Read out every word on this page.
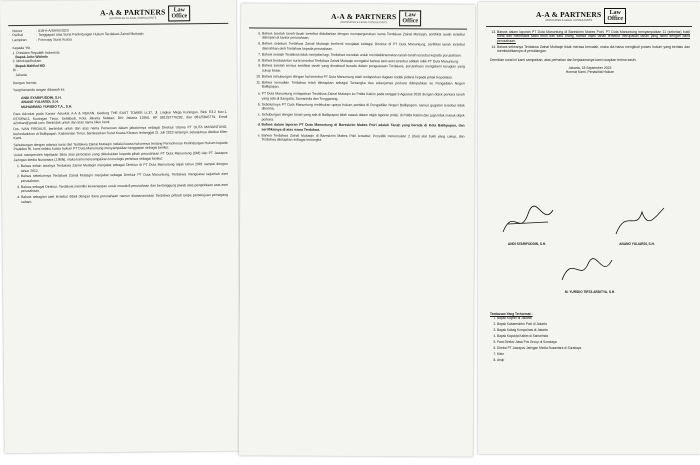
A-A & PARTNERS
ADVOCATES & LEGAL CONSULTANTS
Law
Office
Nomor	: 018-A-A/SA/IX/2023
Perihal	: Tanggapan atas Surat Perlindungan Hukum Terdakwa Zainal Muttaqin
Lampiran	: Fotocopy Surat Kuasa
Kepada Yth.
1. Presiden Republik Indonesia
Bapak Joko Widodo
2. Menkopolhukam
Bapak Mahfud MD
Di -
Jakarta
Dengan hormat,
Yang bertanda tangan dibawah ini:
ANDI SYARIFUDDIN, S.H.
ANANG YULIARDI, S.H.
MUHAMMAD YURIDIO T.A., S.H.

Para Advokat pada Kantor Advokat A-A & REKAN, Gedung THE EAST TOWER Lt.37, Jl. Lingkar Mega Kuningan, Blok E3.2 Kav.1, RT.5/RW.2, Kuningan Timur, Setiabudi, Kota Jakarta Selatan, DKI Jakarta 12950, HP 081297776202, dan 08125845779, Email a2rekan@gmail.com. Bertindak untuk dan atas nama klien kami:

Drs. IVAN FIRDAUS, bertindak untuk dan atas nama Perseroan dalam jabatannya sebagai Direktur Utama PT DUTA MANUNTUNG, berkedudukan di Balikpapan, Kalimantan Timur, berdasarkan Surat Kuasa Khusus tertanggal 21 Juli 2023 terlampir, selanjutnya disebut Klien Kami.

Sehubungan dengan adanya surat dari Terdakwa Zainal Muttaqin melalui kuasa hukumnya tentang Permohonan Perlindungan Hukum kepada Presiden RI, kami selaku kuasa hukum PT Duta Manuntung menyampaikan tanggapan sebagai berikut:

Untuk memperoleh kejelasan fakta atas persoalan yang didudukkan kepada pihak perusahaan PT Duta Manuntung (DM) dan PT Jawapos Jaringan Media Nusantara (JJMN), maka kami menyampaikan kronologis peristiwa sebagai berikut:

1. Bahwa selain awalnya Terdakwa Zainal Muttaqin menjabat sebagai Direktur di PT Duta Manuntung sejak tahun 2001 sampai dengan tahun 2012.
2. Bahwa sebelumnya Terdakwa Zainal Muttaqin menjabat sebagai Direktur PT Duta Manuntung, Terdakwa menguasai sejumlah aset perusahaan.
3. Bahwa sebagai Direktur, Terdakwa memiliki kewenangan untuk mewakili perusahaan dan bertanggung jawab atas pengelolaan aset-aset perusahaan.
4. Bahwa sebagian aset tersebut dibeli dengan dana perusahaan namun diatasnamakan Terdakwa pribadi tanpa persetujuan pemegang saham.
A-A & PARTNERS
ADVOCATES & LEGAL CONSULTANTS
Law
Office
5. Bahwa setelah tanah-tanah tersebut didaftarkan dengan mempergunakan nama Terdakwa Zainal Muttaqin, sertifikat tanah tersebut disimpan di kantor perusahaan.
6. Bahwa sebelum Terdakwa Zainal Muttaqin berhenti menjabat sebagai Direktur di PT Duta Manuntung, sertifikat tanah tersebut diserahkan oleh Terdakwa kepada perusahaan.
7. Bahwa setelah Terdakwa tidak menjabat lagi, Terdakwa menolak untuk membaliknamakan tanah-tanah tersebut kepada perusahaan.
8. Bahwa berdasarkan surat tersebut Terdakwa Zainal Muttaqin mengakui bahwa aset-aset tersebut adalah milik PT Duta Manuntung.
9. Bahwa setelah semua sertifikat tanah yang dimaksud berada dalam penguasaan Terdakwa, perusahaan mengalami kerugian yang cukup besar.
10. Bahwa sehubungan dengan hal tersebut PT Duta Manuntung telah melaporkan dugaan tindak pidana kepada pihak Kepolisian.
11. Bahwa kemudian Terdakwa telah ditetapkan sebagai Tersangka dan selanjutnya perkara dilimpahkan ke Pengadilan Negeri Balikpapan.
a. PT Duta Manuntung melaporkan Terdakwa Zainal Muttaqin ke Polda Kaltim pada tanggal 3 Agustus 2020 dengan objek perkara tanah yang ada di Sangatta, Samarinda dan Tenggarong.
b. Sebelumnya PT Duta Manuntung melakukan upaya hukum perdata di Pengadilan Negeri Balikpapan, namun gugatan tersebut tidak diterima.
c. Sehubungan dengan tanah yang ada di Balikpapan tidak masuk dalam objek laporan polisi, di Polda Kaltim dan juga tidak masuk objek perkara.
d. Bahwa dalam laporan PT Duta Manuntung di Bareskrim Mabes Polri adalah Tanah yang berada di Kota Balikpapan, dan sertifikatnya di atas nama Terdakwa.
e. Bahwa Terdakwa Zainal Muttaqin di Bareskrim Mabes Polri tersebut: Penyidik menemukan 2 (dua) alat bukti yang cukup, dan Terdakwa ditetapkan sebagai tersangka.
A-A & PARTNERS
ADVOCATES & LEGAL CONSULTANTS
Law
Office
13. Bahwa dalam laporan PT Duta Manuntung di Bareskrim Mabes Polri, PT Duta Manuntung menyampaikan 11 (sebelas) bukti surat dan membawa saksi lebih dari satu orang, bahwa objek tanah tersebut merupakan tanah yang dibeli dengan dana perusahaan.
14. Bahwa sekiranya Terdakwa Zainal Muttaqin tidak merasa bersalah, maka dia harus mengikuti proses hukum yang berlaku dan membuktikannya di persidangan.

Demikian surat ini kami sampaikan, atas perhatian dan kerjasamanya kami ucapkan terima kasih.

Jakarta, 18 September 2023
Hormat Kami, Penasihat Hukum
ANDI SYARIFUDDIN, S.H.	ANANG YULIARDI, S.H.
M. YURIDIO TIRTA ARDITYA, S.H.
Tembusan Yang Terhormat :
1. Bapak Kapolri di Jakarta
2. Bapak Kabareskrim Polri di Jakarta
3. Bapak Kabag Kompolnas di Jakarta
4. Bapak Kapolda Kaltim di Samarinda
5. Para Direksi Jawa Pos Group di Surabaya
6. Direksi PT Jawapos Jaringan Media Nusantara di Surabaya
7. Klien
8. Arsip
